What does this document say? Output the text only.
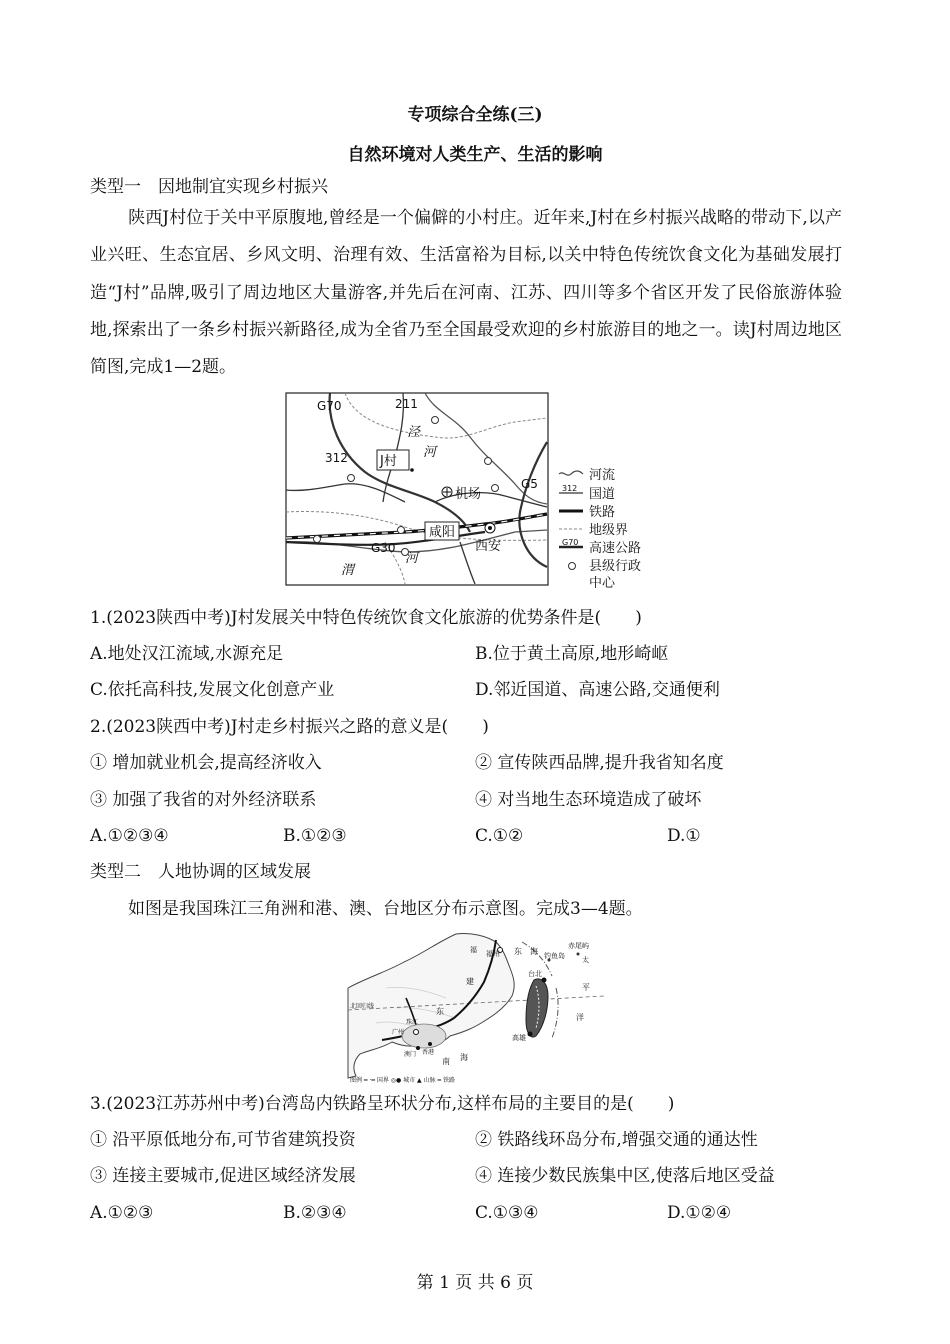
专项综合全练(三)
自然环境对人类生产、生活的影响
类型一　因地制宜实现乡村振兴
陕西J村位于关中平原腹地,曾经是一个偏僻的小村庄。近年来,J村在乡村振兴战略的带动下,以产业兴旺、生态宜居、乡风文明、治理有效、生活富裕为目标,以关中特色传统饮食文化为基础发展打造“J村”品牌,吸引了周边地区大量游客,并先后在河南、江苏、四川等多个省区开发了民俗旅游体验地,探索出了一条乡村振兴新路径,成为全省乃至全国最受欢迎的乡村旅游目的地之一。读J村周边地区简图,完成1—2题。
J村
机场
咸阳
西安
G70	211
泾
河
312
G5
G30
渭
河
河流
312 国道
铁路
地级界
G70 高速公路
县级行政
中心
1.(2023陕西中考)J村发展关中特色传统饮食文化旅游的优势条件是(　　)
A.地处汉江流域,水源充足	B.位于黄土高原,地形崎岖
C.依托高科技,发展文化创意产业	D.邻近国道、高速公路,交通便利
2.(2023陕西中考)J村走乡村振兴之路的意义是(　　)
① 增加就业机会,提高经济收入	② 宣传陕西品牌,提升我省知名度
③ 加强了我省的对外经济联系	④ 对当地生态环境造成了破坏
A.①②③④	B.①②③	C.①②	D.①
类型二　人地协调的区域发展
如图是我国珠江三角洲和港、澳、台地区分布示意图。完成3—4题。
福 福州 东　海 钓鱼岛
赤尾屿
太
台北
建
平
洋
东
高雄
北回归线
珠江
广州
澳门 香港
南 海
图例 ━ ·━ 国界 ◎● 城市 ▲ 山脉 ━ 铁路
3.(2023江苏苏州中考)台湾岛内铁路呈环状分布,这样布局的主要目的是(　　)
① 沿平原低地分布,可节省建筑投资	② 铁路线环岛分布,增强交通的通达性
③ 连接主要城市,促进区域经济发展	④ 连接少数民族集中区,使落后地区受益
A.①②③	B.②③④	C.①③④	D.①②④
第 1 页 共 6 页
